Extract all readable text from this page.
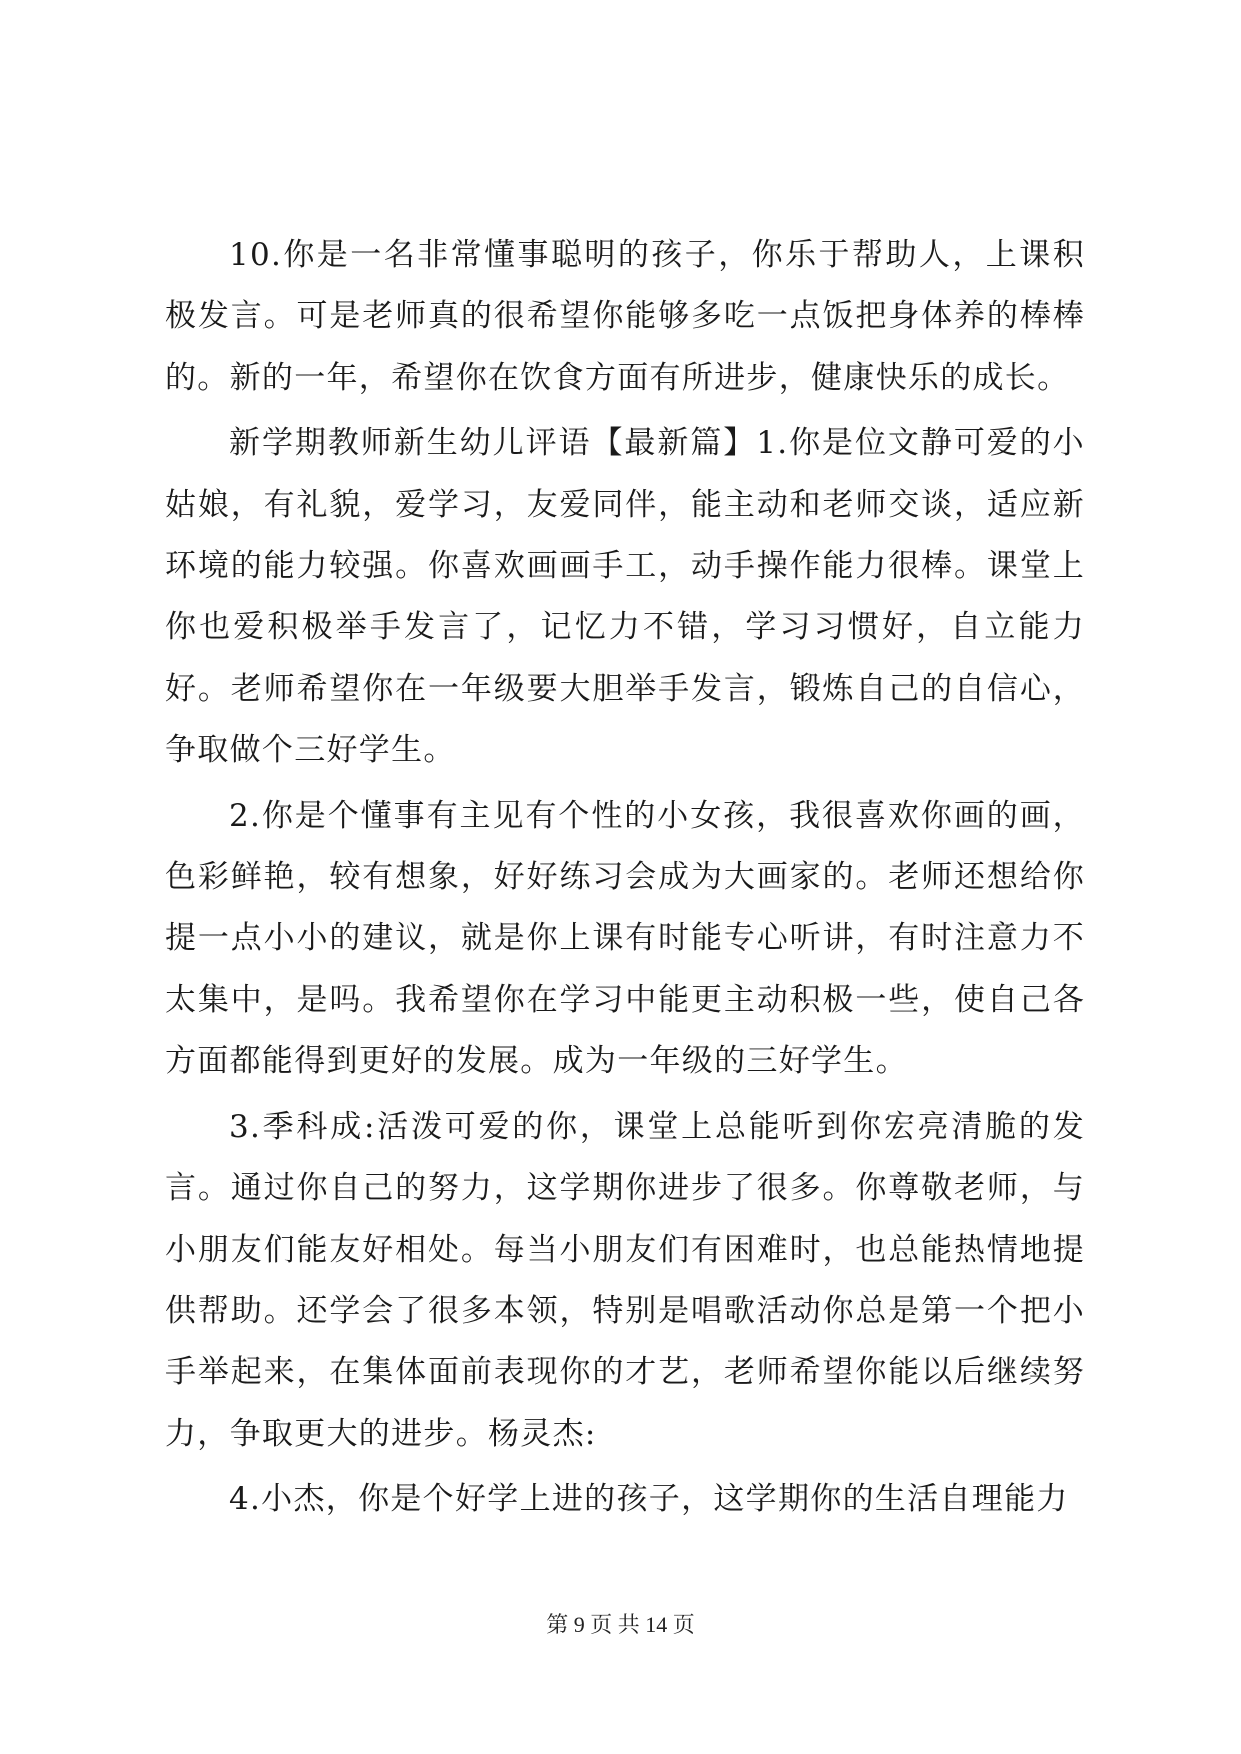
10.你是一名非常懂事聪明的孩子，你乐于帮助人，上课积极发言。可是老师真的很希望你能够多吃一点饭把身体养的棒棒的。新的一年，希望你在饮食方面有所进步，健康快乐的成长。

新学期教师新生幼儿评语【最新篇】1.你是位文静可爱的小姑娘，有礼貌，爱学习，友爱同伴，能主动和老师交谈，适应新环境的能力较强。你喜欢画画手工，动手操作能力很棒。课堂上你也爱积极举手发言了，记忆力不错，学习习惯好，自立能力好。老师希望你在一年级要大胆举手发言，锻炼自己的自信心，争取做个三好学生。

2.你是个懂事有主见有个性的小女孩，我很喜欢你画的画，色彩鲜艳，较有想象，好好练习会成为大画家的。老师还想给你提一点小小的建议，就是你上课有时能专心听讲，有时注意力不太集中，是吗。我希望你在学习中能更主动积极一些，使自己各方面都能得到更好的发展。成为一年级的三好学生。

3.季科成:活泼可爱的你，课堂上总能听到你宏亮清脆的发言。通过你自己的努力，这学期你进步了很多。你尊敬老师，与小朋友们能友好相处。每当小朋友们有困难时，也总能热情地提供帮助。还学会了很多本领，特别是唱歌活动你总是第一个把小手举起来，在集体面前表现你的才艺，老师希望你能以后继续努力，争取更大的进步。杨灵杰:

4.小杰，你是个好学上进的孩子，这学期你的生活自理能力

第 9 页 共 14 页
